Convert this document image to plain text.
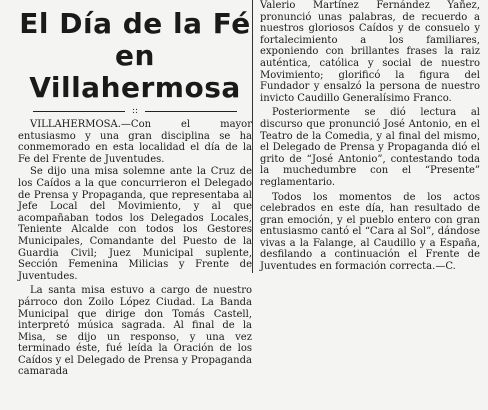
El Día de la Fé
en Villahermosa
::

VILLAHERMOSA.—Con el mayor entusiasmo y una gran disciplina se ha conmemorado en esta localidad el día de la Fe del Frente de Juventudes.

Se dijo una misa solemne ante la Cruz de los Caídos a la que concurrieron el Delegado de Prensa y Propaganda, que representaba al Jefe Local del Movimiento, y al que acompañaban todos los Delegados Locales, Teniente Alcalde con todos los Gestores Municipales, Comandante del Puesto de la Guardia Civil; Juez Municipal suplente, Sección Femenina Milicias y Frente de Juventudes.

La santa misa estuvo a cargo de nuestro párroco don Zoilo López Ciudad. La Banda Municipal que dirige don Tomás Castell, interpretó música sagrada. Al final de la Misa, se dijo un responso, y una vez terminado éste, fué leída la Oración de los Caídos y el Delegado de Prensa y Propaganda camarada

Valerio Martínez Fernández Yañez, pronunció unas palabras, de recuerdo a nuestros gloriosos Caídos y de consuelo y fortalecimiento a los familiares, exponiendo con brillantes frases la raiz auténtica, católica y social de nuestro Movimiento; glorificó la figura del Fundador y ensalzó la persona de nuestro invicto Caudillo Generalísimo Franco.

Posteriormente se dió lectura al discurso que pronunció José Antonio, en el Teatro de la Comedia, y al final del mismo, el Delegado de Prensa y Propaganda dió el grito de “José Antonio”, contestando toda la muchedumbre con el “Presente” reglamentario.

Todos los momentos de los actos celebrados en este día, han resultado de gran emoción, y el pueblo entero con gran entusiasmo cantó el “Cara al Sol”, dándose vivas a la Falange, al Caudillo y a España, desfilando a continuación el Frente de Juventudes en formación correcta.—C.
